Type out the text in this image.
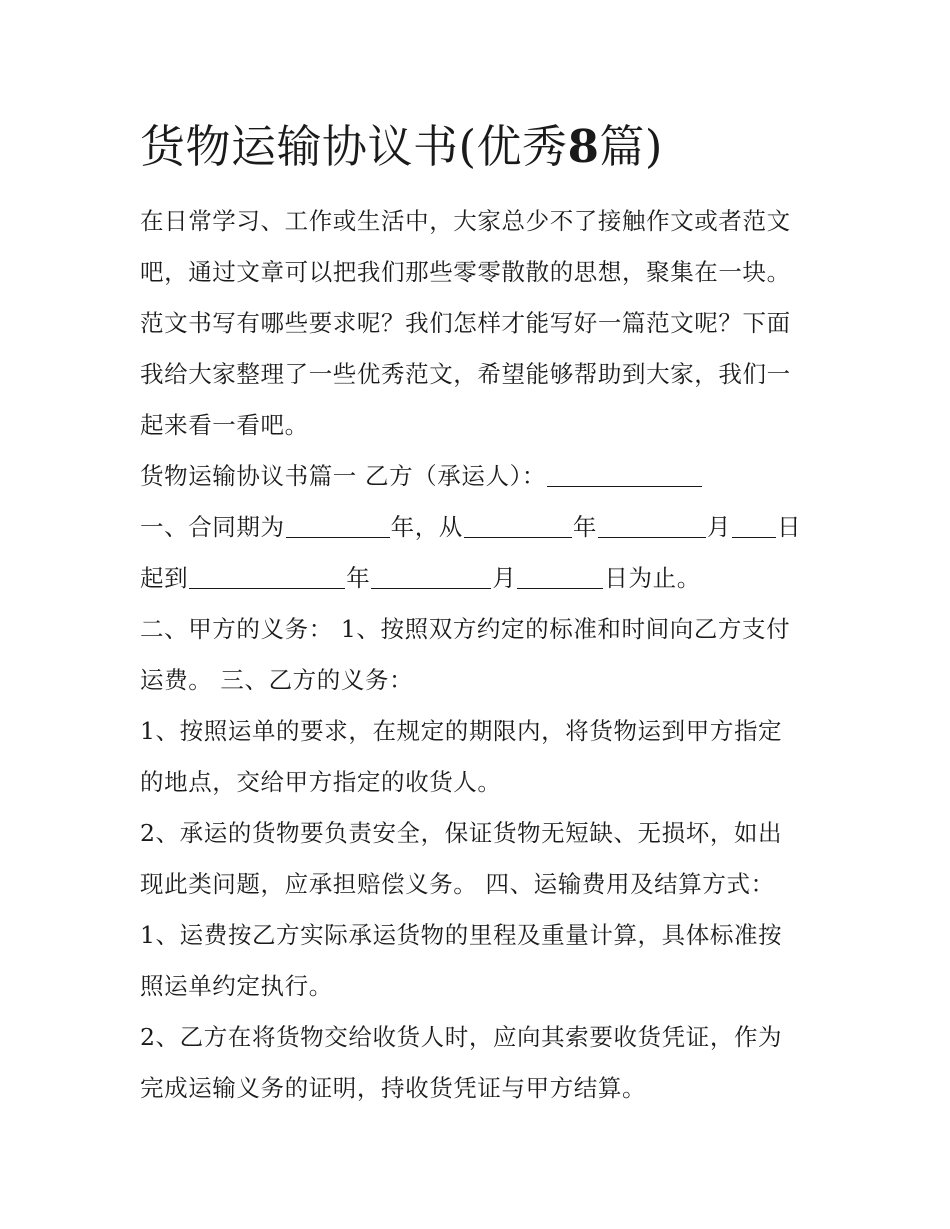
货物运输协议书(优秀8篇)
在日常学习、工作或生活中，大家总少不了接触作文或者范文
吧，通过文章可以把我们那些零零散散的思想，聚集在一块。
范文书写有哪些要求呢？我们怎样才能写好一篇范文呢？下面
我给大家整理了一些优秀范文，希望能够帮助到大家，我们一
起来看一看吧。
货物运输协议书篇一 乙方（承运人）：
一、合同期为	年，从	年	月 日
起到	年	月	日为止。
二、甲方的义务： 1、按照双方约定的标准和时间向乙方支付
运费。 三、乙方的义务：
1、按照运单的要求，在规定的期限内，将货物运到甲方指定
的地点，交给甲方指定的收货人。
2、承运的货物要负责安全，保证货物无短缺、无损坏，如出
现此类问题，应承担赔偿义务。 四、运输费用及结算方式：
1、运费按乙方实际承运货物的里程及重量计算，具体标准按
照运单约定执行。
2、乙方在将货物交给收货人时，应向其索要收货凭证，作为
完成运输义务的证明，持收货凭证与甲方结算。
